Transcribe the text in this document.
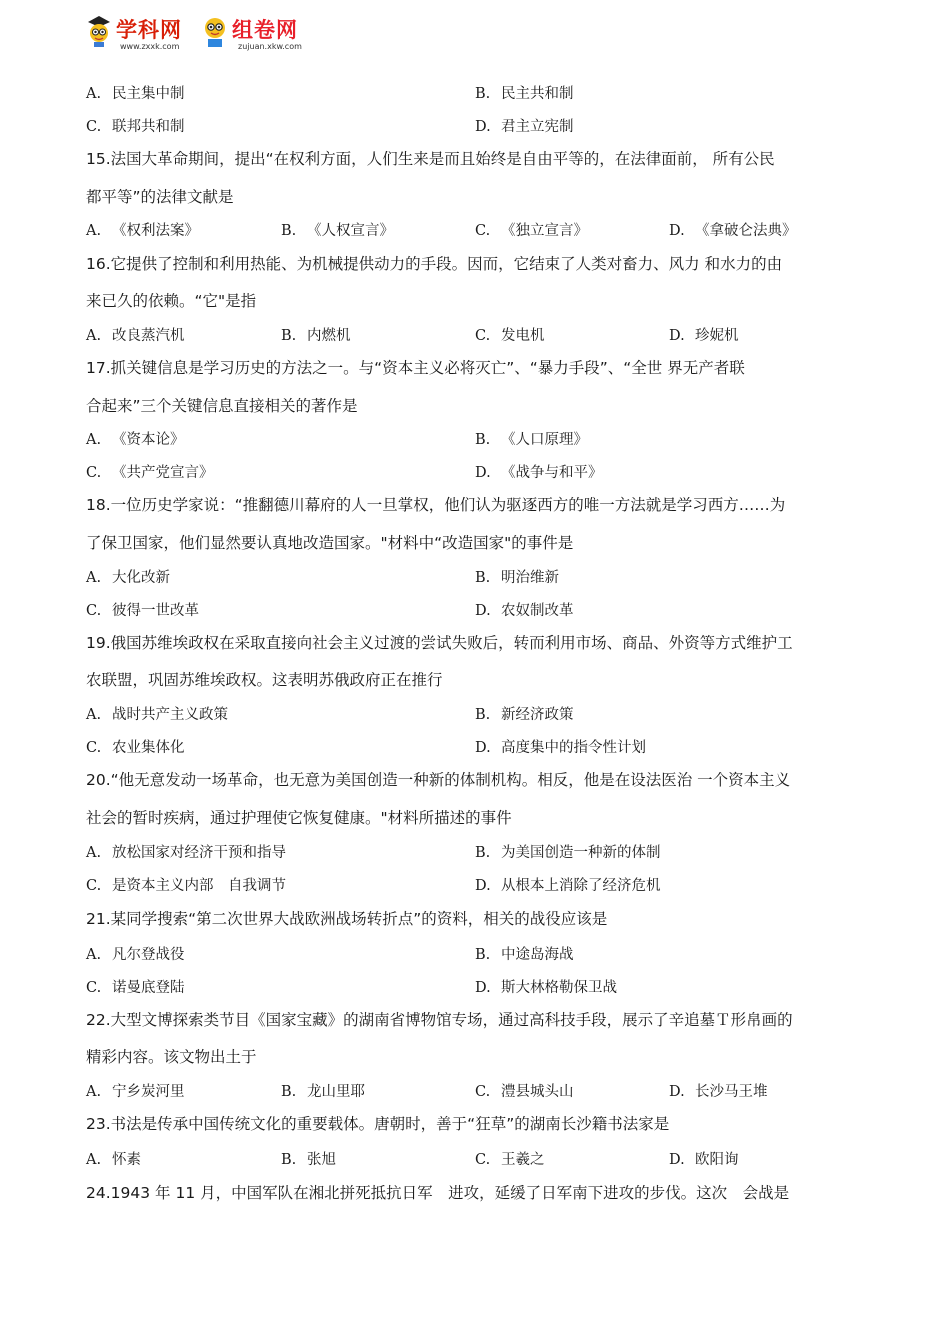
学科网
www.zxxk.com
组卷网
zujuan.xkw.com
A. 民主集中制	B. 民主共和制
C. 联邦共和制	D. 君主立宪制
15.法国大革命期间，提出“在权利方面，人们生来是而且始终是自由平等的，在法律面前， 所有公民
都平等”的法律文献是
A. 《权利法案》	B. 《人权宣言》	C. 《独立宣言》	D. 《拿破仑法典》
16.它提供了控制和利用热能、为机械提供动力的手段。因而，它结束了人类对畜力、风力 和水力的由
来已久的依赖。“它"是指
A. 改良蒸汽机	B. 内燃机	C. 发电机	D. 珍妮机
17.抓关键信息是学习历史的方法之一。与“资本主义必将灭亡”、“暴力手段”、“全世 界无产者联
合起来”三个关键信息直接相关的著作是
A. 《资本论》	B. 《人口原理》
C. 《共产党宣言》	D. 《战争与和平》
18.一位历史学家说：“推翻德川幕府的人一旦掌权，他们认为驱逐西方的唯一方法就是学习西方……为
了保卫国家，他们显然要认真地改造国家。"材料中“改造国家"的事件是
A. 大化改新	B. 明治维新
C. 彼得一世改革	D. 农奴制改革
19.俄国苏维埃政权在采取直接向社会主义过渡的尝试失败后，转而利用市场、商品、外资等方式维护工
农联盟，巩固苏维埃政权。这表明苏俄政府正在推行
A. 战时共产主义政策	B. 新经济政策
C. 农业集体化	D. 高度集中的指令性计划
20.“他无意发动一场革命，也无意为美国创造一种新的体制机构。相反，他是在设法医治 一个资本主义
社会的暂时疾病，通过护理使它恢复健康。"材料所描述的事件
A. 放松国家对经济干预和指导	B. 为美国创造一种新的体制
C. 是资本主义内部　自我调节	D. 从根本上消除了经济危机
21.某同学搜索“第二次世界大战欧洲战场转折点”的资料，相关的战役应该是
A. 凡尔登战役	B. 中途岛海战
C. 诺曼底登陆	D. 斯大林格勒保卫战
22.大型文博探索类节目《国家宝藏》的湖南省博物馆专场，通过高科技手段，展示了辛追墓Ｔ形帛画的
精彩内容。该文物出土于
A. 宁乡炭河里	B. 龙山里耶	C. 澧县城头山	D. 长沙马王堆
23.书法是传承中国传统文化的重要载体。唐朝时，善于“狂草”的湖南长沙籍书法家是
A. 怀素	B. 张旭	C. 王羲之	D. 欧阳询
24.1943 年 11 月，中国军队在湘北拼死抵抗日军　进攻，延缓了日军南下进攻的步伐。这次　会战是
